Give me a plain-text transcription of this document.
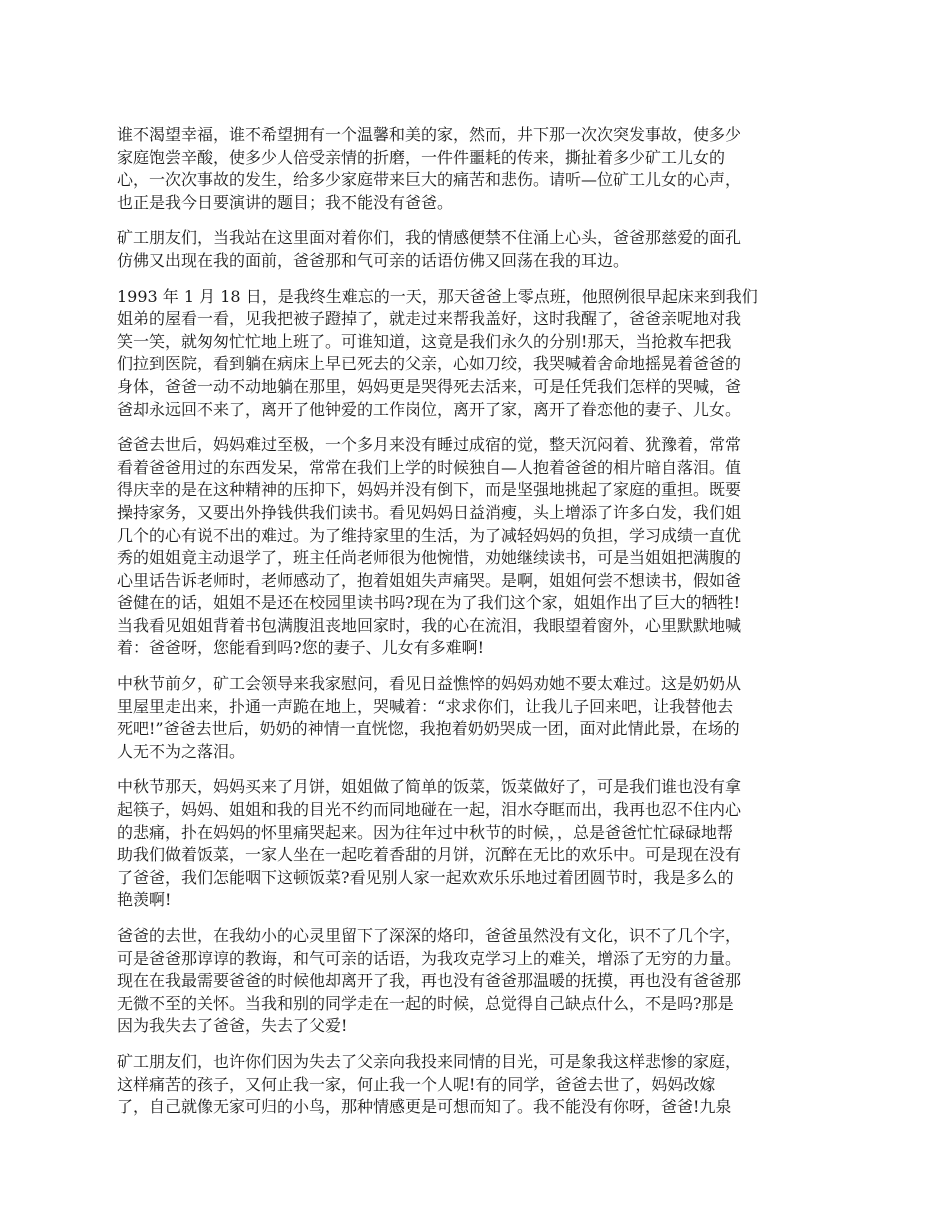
谁不渴望幸福，谁不希望拥有一个温馨和美的家，然而，井下那一次次突发事故，使多少
家庭饱尝辛酸，使多少人倍受亲情的折磨，一件件噩耗的传来，撕扯着多少矿工儿女的
心，一次次事故的发生，给多少家庭带来巨大的痛苦和悲伤。请听—位矿工儿女的心声，
也正是我今日要演讲的题目；我不能没有爸爸。
矿工朋友们，当我站在这里面对着你们，我的情感便禁不住涌上心头，爸爸那慈爱的面孔
仿佛又出现在我的面前，爸爸那和气可亲的话语仿佛又回荡在我的耳边。
1993 年 1 月 18 日，是我终生难忘的一天，那天爸爸上零点班，他照例很早起床来到我们
姐弟的屋看一看，见我把被子蹬掉了，就走过来帮我盖好，这时我醒了，爸爸亲呢地对我
笑一笑，就匆匆忙忙地上班了。可谁知道，这竟是我们永久的分别!那天，当抢救车把我
们拉到医院，看到躺在病床上早已死去的父亲，心如刀绞，我哭喊着舍命地摇晃着爸爸的
身体，爸爸一动不动地躺在那里，妈妈更是哭得死去活来，可是任凭我们怎样的哭喊，爸
爸却永远回不来了，离开了他钟爱的工作岗位，离开了家，离开了眷恋他的妻子、儿女。
爸爸去世后，妈妈难过至极，一个多月来没有睡过成宿的觉，整天沉闷着、犹豫着，常常
看着爸爸用过的东西发呆，常常在我们上学的时候独自—人抱着爸爸的相片暗自落泪。值
得庆幸的是在这种精神的压抑下，妈妈并没有倒下，而是坚强地挑起了家庭的重担。既要
操持家务，又要出外挣钱供我们读书。看见妈妈日益消瘦，头上增添了许多白发，我们姐
几个的心有说不出的难过。为了维持家里的生活，为了减轻妈妈的负担，学习成绩一直优
秀的姐姐竟主动退学了，班主任尚老师很为他惋惜，劝她继续读书，可是当姐姐把满腹的
心里话告诉老师时，老师感动了，抱着姐姐失声痛哭。是啊，姐姐何尝不想读书，假如爸
爸健在的话，姐姐不是还在校园里读书吗?现在为了我们这个家，姐姐作出了巨大的牺牲!
当我看见姐姐背着书包满腹沮丧地回家时，我的心在流泪，我眼望着窗外，心里默默地喊
着：爸爸呀，您能看到吗?您的妻子、儿女有多难啊!
中秋节前夕，矿工会领导来我家慰问，看见日益憔悴的妈妈劝她不要太难过。这是奶奶从
里屋里走出来，扑通一声跪在地上，哭喊着：“求求你们，让我儿子回来吧，让我替他去
死吧!”爸爸去世后，奶奶的神情一直恍惚，我抱着奶奶哭成一团，面对此情此景，在场的
人无不为之落泪。
中秋节那天，妈妈买来了月饼，姐姐做了简单的饭菜，饭菜做好了，可是我们谁也没有拿
起筷子，妈妈、姐姐和我的目光不约而同地碰在一起，泪水夺眶而出，我再也忍不住内心
的悲痛，扑在妈妈的怀里痛哭起来。因为往年过中秋节的时候，，总是爸爸忙忙碌碌地帮
助我们做着饭菜，一家人坐在一起吃着香甜的月饼，沉醉在无比的欢乐中。可是现在没有
了爸爸，我们怎能咽下这顿饭菜?看见别人家一起欢欢乐乐地过着团圆节时，我是多么的
艳羡啊!
爸爸的去世，在我幼小的心灵里留下了深深的烙印，爸爸虽然没有文化，识不了几个字，
可是爸爸那谆谆的教诲，和气可亲的话语，为我攻克学习上的难关，增添了无穷的力量。
现在在我最需要爸爸的时候他却离开了我，再也没有爸爸那温暖的抚摸，再也没有爸爸那
无微不至的关怀。当我和别的同学走在一起的时候，总觉得自己缺点什么，不是吗?那是
因为我失去了爸爸，失去了父爱!
矿工朋友们，也许你们因为失去了父亲向我投来同情的目光，可是象我这样悲惨的家庭，
这样痛苦的孩子，又何止我一家，何止我一个人呢!有的同学，爸爸去世了，妈妈改嫁
了，自己就像无家可归的小鸟，那种情感更是可想而知了。我不能没有你呀，爸爸!九泉
